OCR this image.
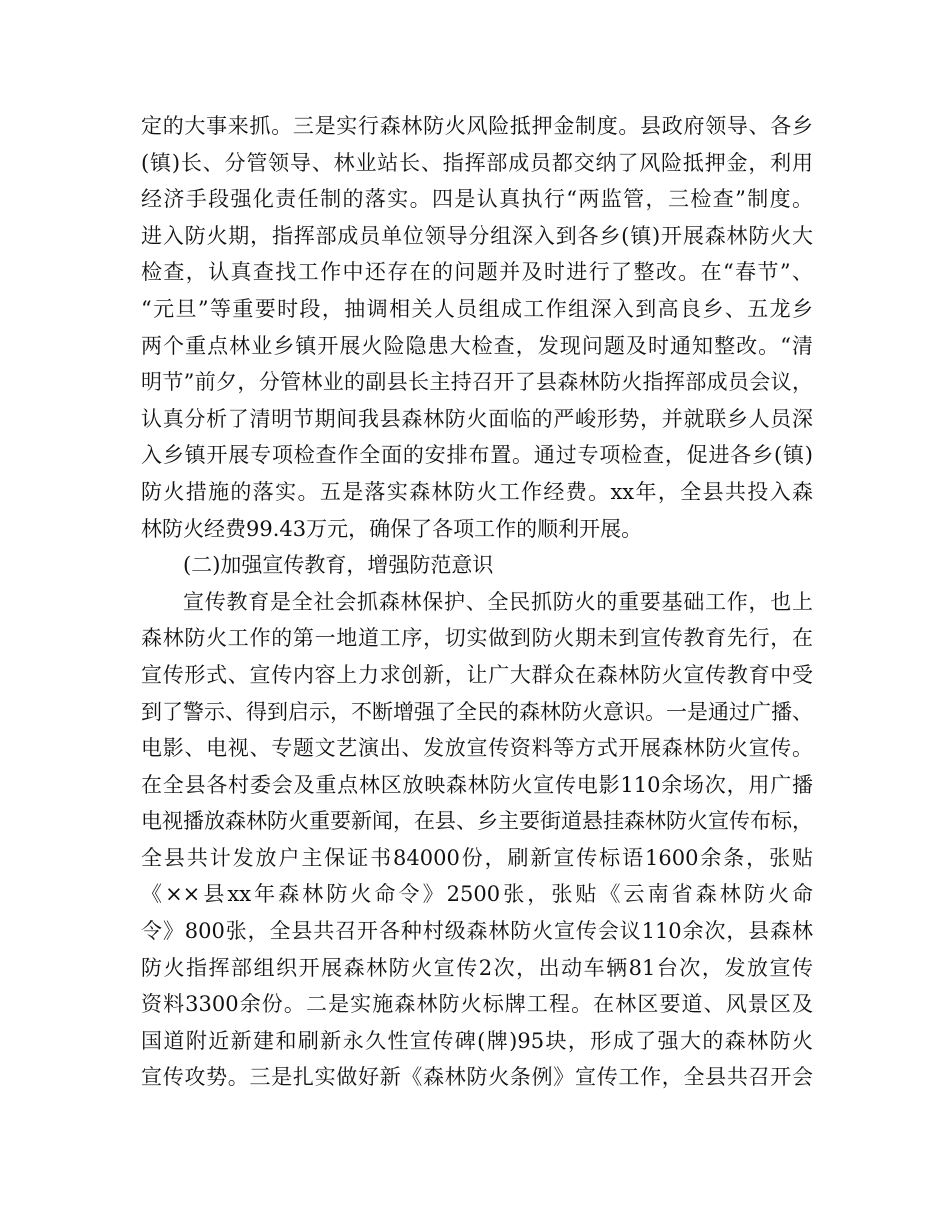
定的大事来抓。三是实行森林防火风险抵押金制度。县政府领导、各乡
(镇)长、分管领导、林业站长、指挥部成员都交纳了风险抵押金，利用
经济手段强化责任制的落实。四是认真执行“两监管，三检查”制度。
进入防火期，指挥部成员单位领导分组深入到各乡(镇)开展森林防火大
检查，认真查找工作中还存在的问题并及时进行了整改。在“春节”、
“元旦”等重要时段，抽调相关人员组成工作组深入到高良乡、五龙乡
两个重点林业乡镇开展火险隐患大检查，发现问题及时通知整改。“清
明节”前夕，分管林业的副县长主持召开了县森林防火指挥部成员会议，
认真分析了清明节期间我县森林防火面临的严峻形势，并就联乡人员深
入乡镇开展专项检查作全面的安排布置。通过专项检查，促进各乡(镇)
防火措施的落实。五是落实森林防火工作经费。xx年，全县共投入森
林防火经费99.43万元，确保了各项工作的顺利开展。
(二)加强宣传教育，增强防范意识
宣传教育是全社会抓森林保护、全民抓防火的重要基础工作，也上
森林防火工作的第一地道工序，切实做到防火期未到宣传教育先行，在
宣传形式、宣传内容上力求创新，让广大群众在森林防火宣传教育中受
到了警示、得到启示，不断增强了全民的森林防火意识。一是通过广播、
电影、电视、专题文艺演出、发放宣传资料等方式开展森林防火宣传。
在全县各村委会及重点林区放映森林防火宣传电影110余场次，用广播
电视播放森林防火重要新闻，在县、乡主要街道悬挂森林防火宣传布标，
全县共计发放户主保证书84000份，刷新宣传标语1600余条，张贴
《××县xx年森林防火命令》2500张，张贴《云南省森林防火命
令》800张，全县共召开各种村级森林防火宣传会议110余次，县森林
防火指挥部组织开展森林防火宣传2次，出动车辆81台次，发放宣传
资料3300余份。二是实施森林防火标牌工程。在林区要道、风景区及
国道附近新建和刷新永久性宣传碑(牌)95块，形成了强大的森林防火
宣传攻势。三是扎实做好新《森林防火条例》宣传工作，全县共召开会
